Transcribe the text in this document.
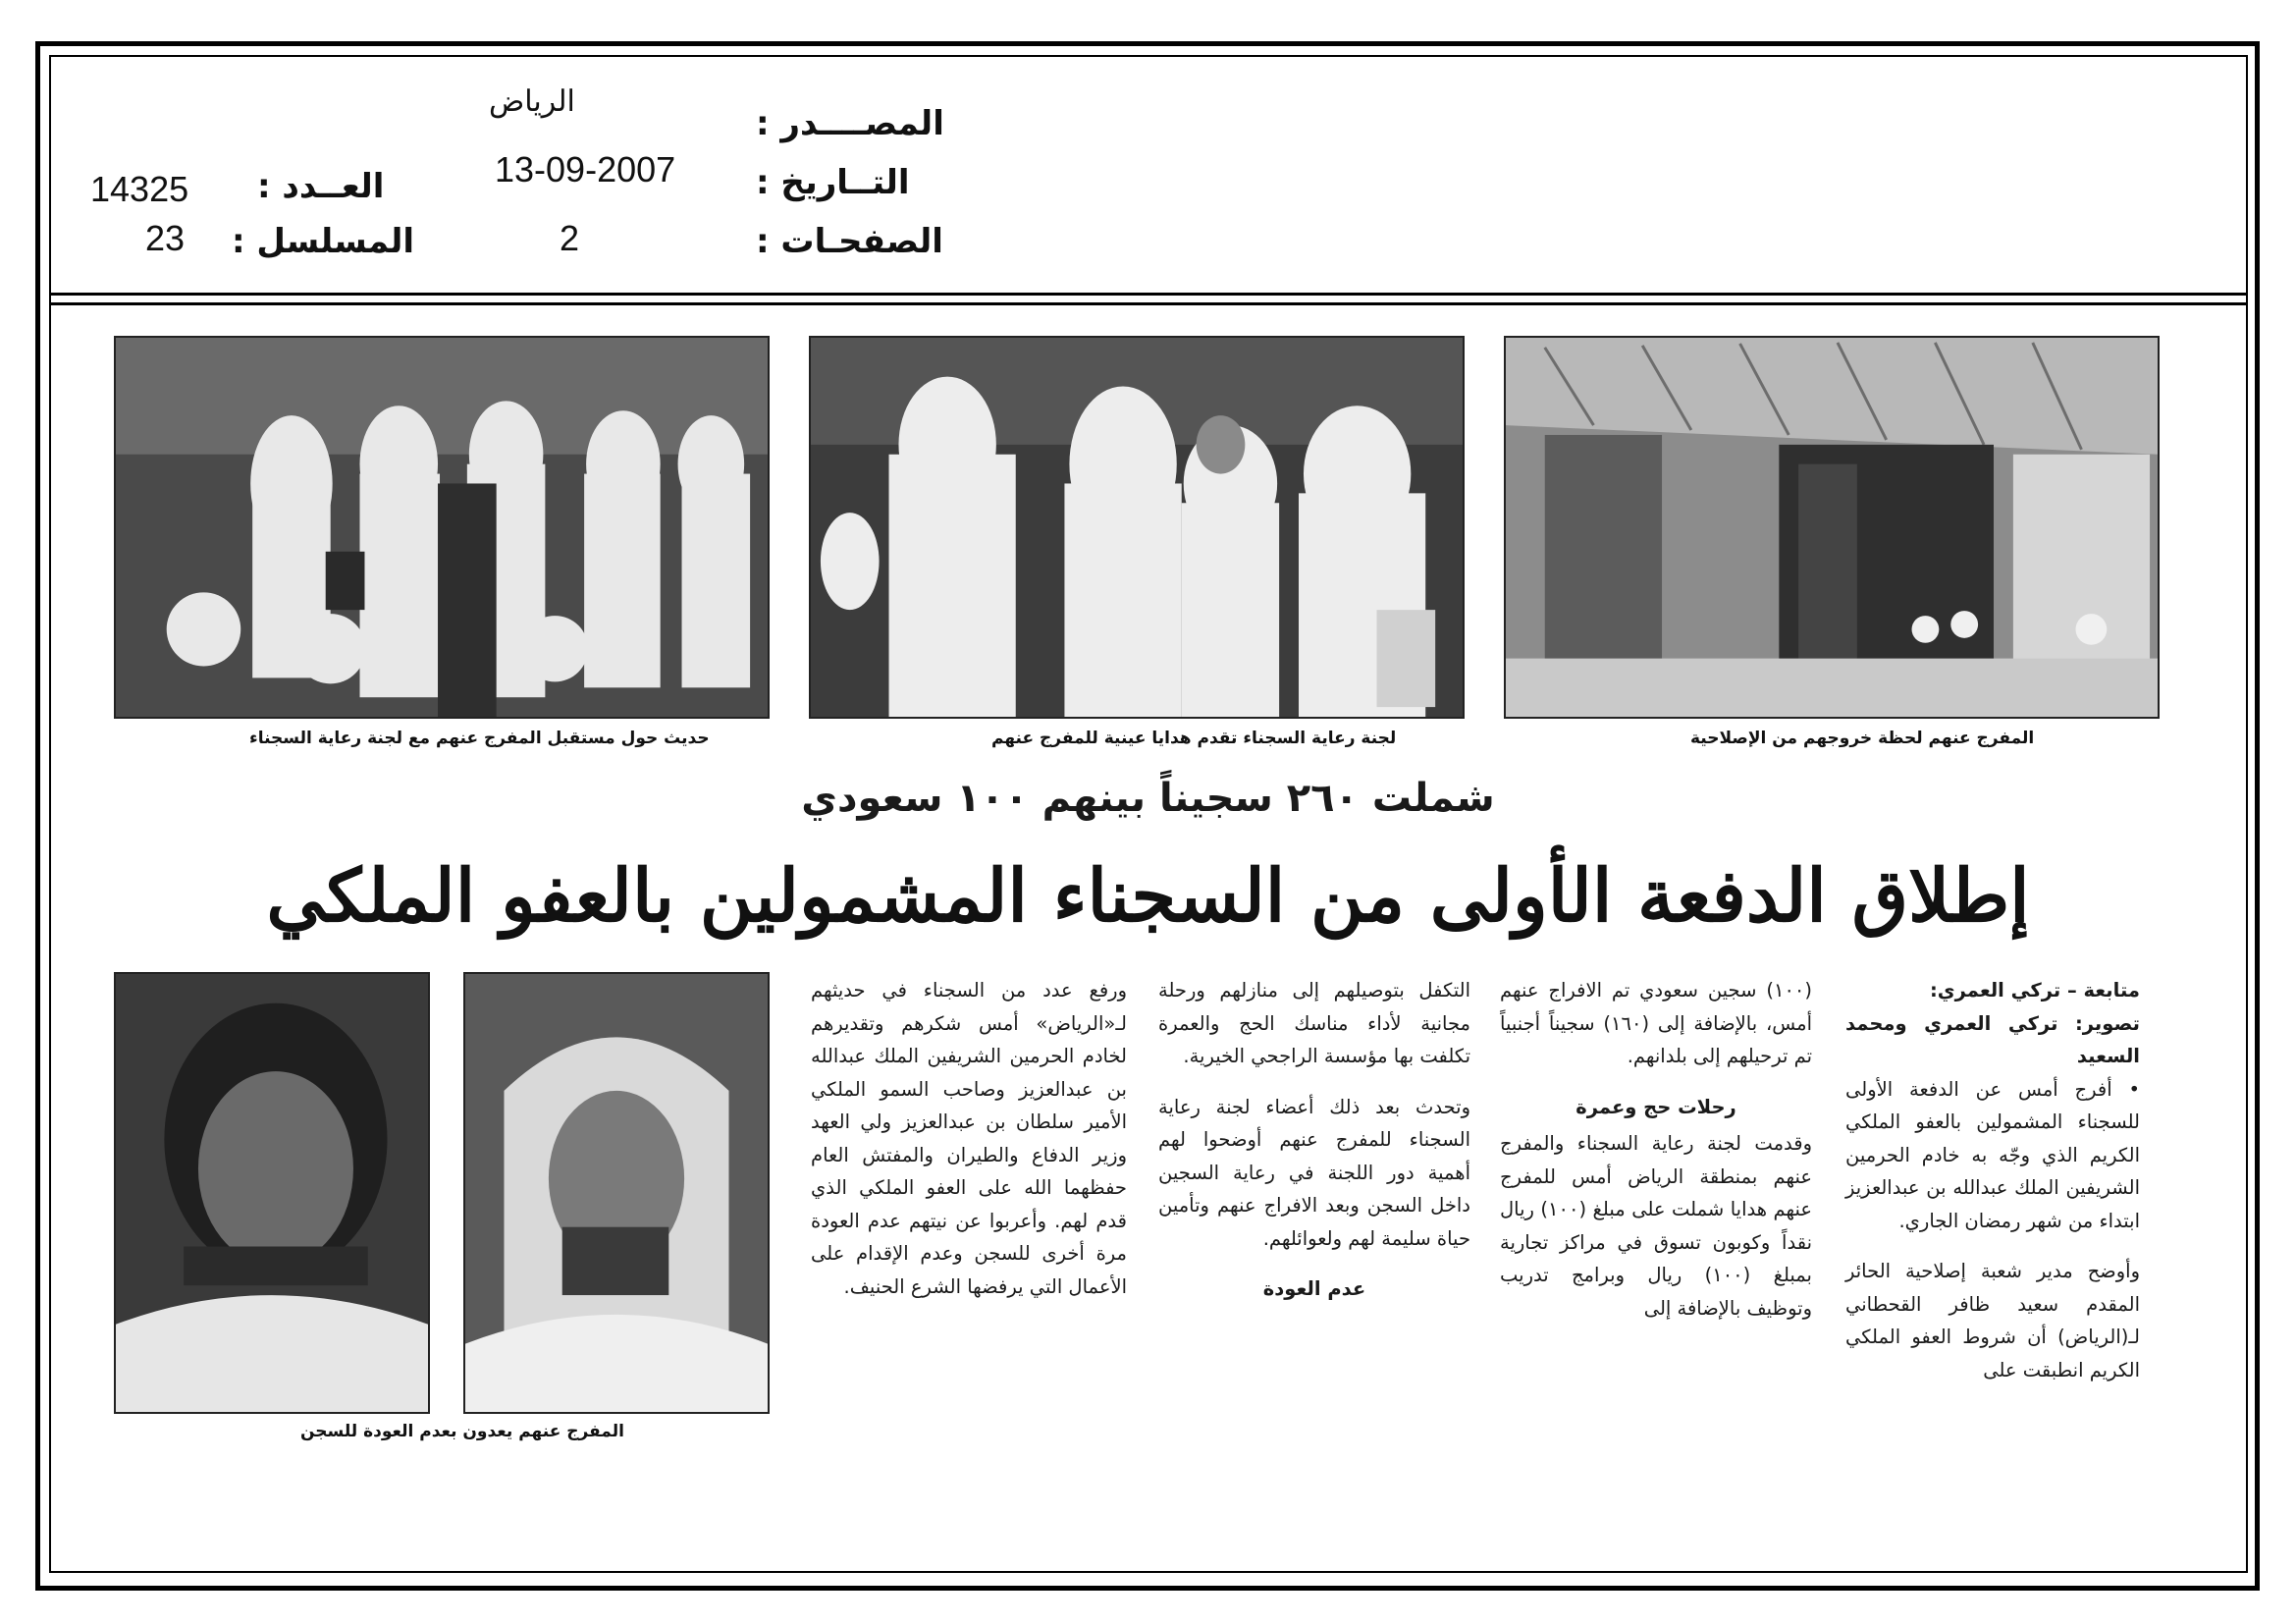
المصــــدر :
الرياض
التــاريخ :
13-09-2007
الصفحـات :
2
العــدد :
14325
المسلسل :
23
حديث حول مستقبل المفرج عنهم مع لجنة رعاية السجناء	لجنة رعاية السجناء تقدم هدايا عينية للمفرج عنهم	المفرج عنهم لحظة خروجهم من الإصلاحية
شملت ٢٦٠ سجيناً بينهم ١٠٠ سعودي
إطلاق الدفعة الأولى من السجناء المشمولين بالعفو الملكي
المفرج عنهم يعدون بعدم العودة للسجن
متابعة – تركي العمري:
تصوير: تركي العمري ومحمد السعيد

• أفرج أمس عن الدفعة الأولى للسجناء المشمولين بالعفو الملكي الكريم الذي وجّه به خادم الحرمين الشريفين الملك عبدالله بن عبدالعزيز ابتداء من شهر رمضان الجاري.

وأوضح مدير شعبة إصلاحية الحائر المقدم سعيد ظافر القحطاني لـ(الرياض) أن شروط العفو الملكي الكريم انطبقت على

(١٠٠) سجين سعودي تم الافراج عنهم أمس، بالإضافة إلى (١٦٠) سجيناً أجنبياً تم ترحيلهم إلى بلدانهم.

رحلات حج وعمرة

وقدمت لجنة رعاية السجناء والمفرج عنهم بمنطقة الرياض أمس للمفرج عنهم هدايا شملت على مبلغ (١٠٠) ريال نقداً وكوبون تسوق في مراكز تجارية بمبلغ (١٠٠) ريال وبرامج تدريب وتوظيف بالإضافة إلى

التكفل بتوصيلهم إلى منازلهم ورحلة مجانية لأداء مناسك الحج والعمرة تكلفت بها مؤسسة الراجحي الخيرية.

وتحدث بعد ذلك أعضاء لجنة رعاية السجناء للمفرج عنهم أوضحوا لهم أهمية دور اللجنة في رعاية السجين داخل السجن وبعد الافراج عنهم وتأمين حياة سليمة لهم ولعوائلهم.

عدم العودة

ورفع عدد من السجناء في حديثهم لـ«الرياض» أمس شكرهم وتقديرهم لخادم الحرمين الشريفين الملك عبدالله بن عبدالعزيز وصاحب السمو الملكي الأمير سلطان بن عبدالعزيز ولي العهد وزير الدفاع والطيران والمفتش العام حفظهما الله على العفو الملكي الذي قدم لهم. وأعربوا عن نيتهم عدم العودة مرة أخرى للسجن وعدم الإقدام على الأعمال التي يرفضها الشرع الحنيف.
